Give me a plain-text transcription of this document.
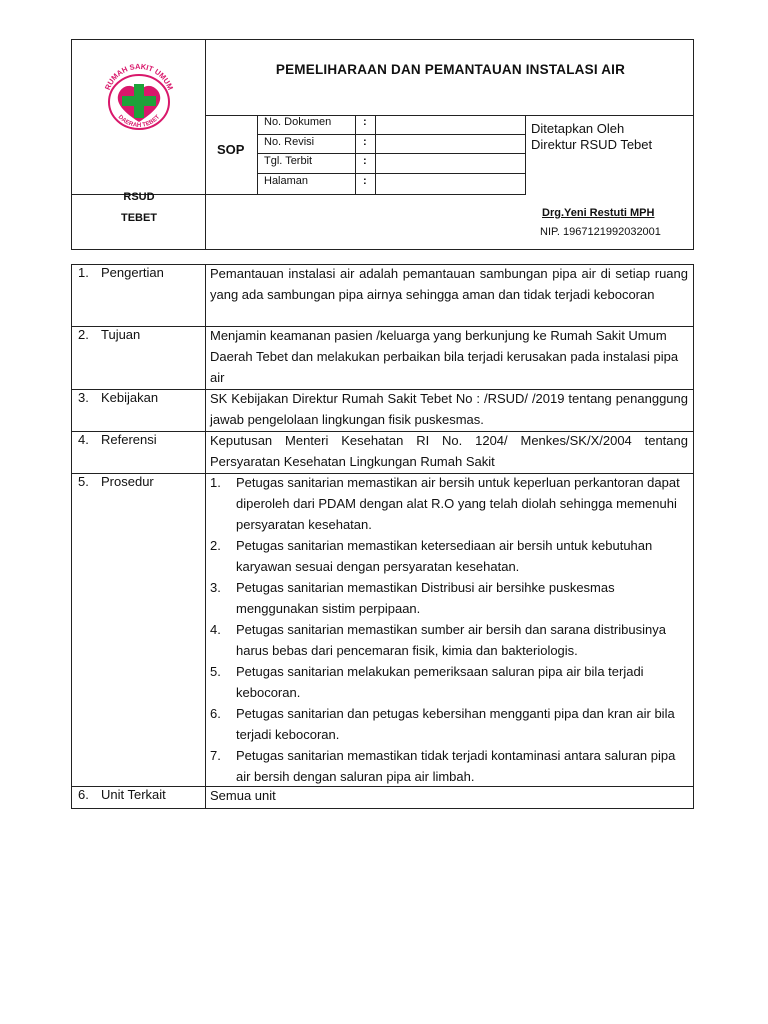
RUMAH SAKIT UMUM
DAERAH TEBET
PEMELIHARAAN DAN PEMANTAUAN INSTALASI AIR
SOP
No. Dokumen	:
No. Revisi	:
Tgl. Terbit	:
Halaman	:
Ditetapkan Oleh
Direktur RSUD Tebet
RSUD
TEBET	Drg.Yeni Restuti MPH
NIP. 1967121992032001
1. Pengertian	Pemantauan instalasi air adalah pemantauan sambungan pipa air di setiap ruang yang ada sambungan pipa airnya sehingga aman dan tidak terjadi kebocoran
2. Tujuan	Menjamin keamanan pasien /keluarga yang berkunjung ke Rumah Sakit Umum Daerah Tebet dan melakukan perbaikan bila terjadi kerusakan pada instalasi pipa air
3. Kebijakan	SK Kebijakan Direktur Rumah Sakit Tebet No : /RSUD/ /2019 tentang penanggung jawab pengelolaan lingkungan fisik puskesmas.
4. Referensi	Keputusan Menteri Kesehatan RI No. 1204/ Menkes/SK/X/2004 tentang Persyaratan Kesehatan Lingkungan Rumah Sakit
5. Prosedur	1. Petugas sanitarian memastikan air bersih untuk keperluan perkantoran dapat diperoleh dari PDAM dengan alat R.O yang telah diolah sehingga memenuhi persyaratan kesehatan.
2. Petugas sanitarian memastikan ketersediaan air bersih untuk kebutuhan karyawan sesuai dengan persyaratan kesehatan.
3. Petugas sanitarian memastikan Distribusi air bersihke puskesmas menggunakan sistim perpipaan.
4. Petugas sanitarian memastikan sumber air bersih dan sarana distribusinya harus bebas dari pencemaran fisik, kimia dan bakteriologis.
5. Petugas sanitarian melakukan pemeriksaan saluran pipa air bila terjadi kebocoran.
6. Petugas sanitarian dan petugas kebersihan mengganti pipa dan kran air bila terjadi kebocoran.
7. Petugas sanitarian memastikan tidak terjadi kontaminasi antara saluran pipa air bersih dengan saluran pipa air limbah.
6. Unit Terkait	Semua unit
